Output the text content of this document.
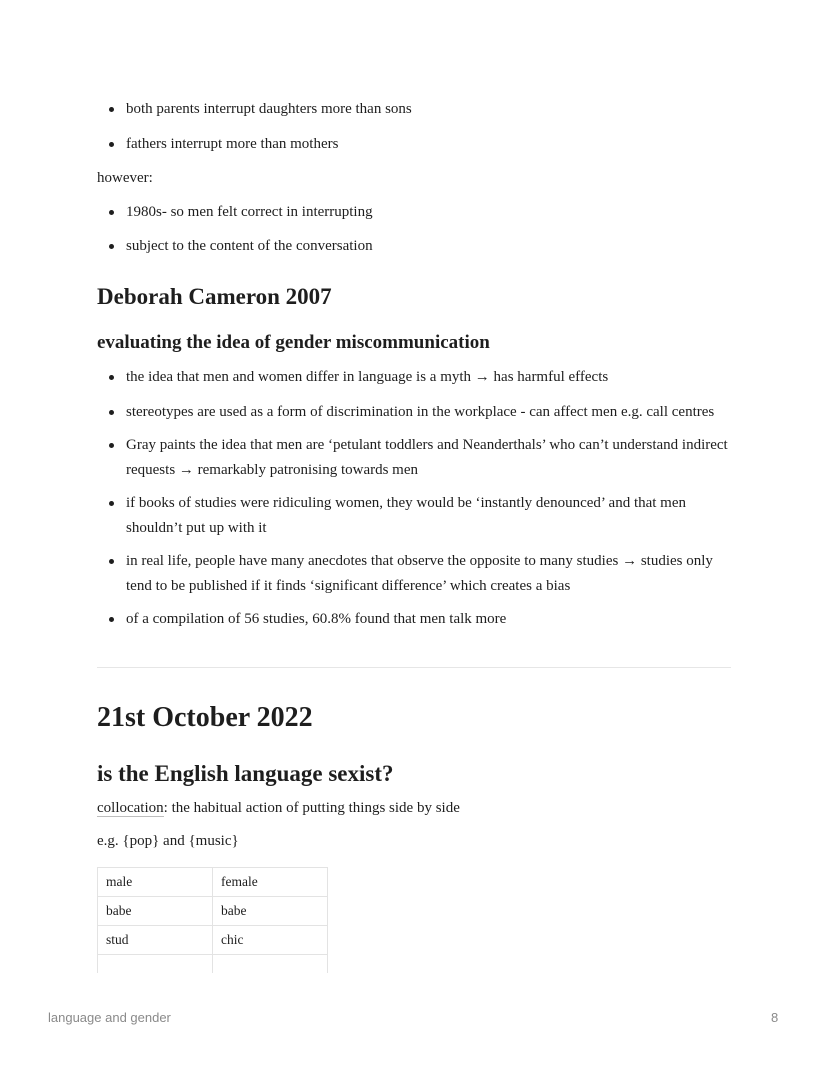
both parents interrupt daughters more than sons
fathers interrupt more than mothers

however:

1980s- so men felt correct in interrupting
subject to the content of the conversation
Deborah Cameron 2007
evaluating the idea of gender miscommunication
the idea that men and women differ in language is a myth → has harmful effects
stereotypes are used as a form of discrimination in the workplace - can affect men e.g. call centres
Gray paints the idea that men are ‘petulant toddlers and Neanderthals’ who can’t understand indirect requests → remarkably patronising towards men
if books of studies were ridiculing women, they would be ‘instantly denounced’ and that men shouldn’t put up with it
in real life, people have many anecdotes that observe the opposite to many studies → studies only tend to be published if it finds ‘significant difference’ which creates a bias
of a compilation of 56 studies, 60.8% found that men talk more
21st October 2022
is the English language sexist?

collocation: the habitual action of putting things side by side

e.g. {pop} and {music}

male	female
babe	babe
stud	chic

language and gender	8
